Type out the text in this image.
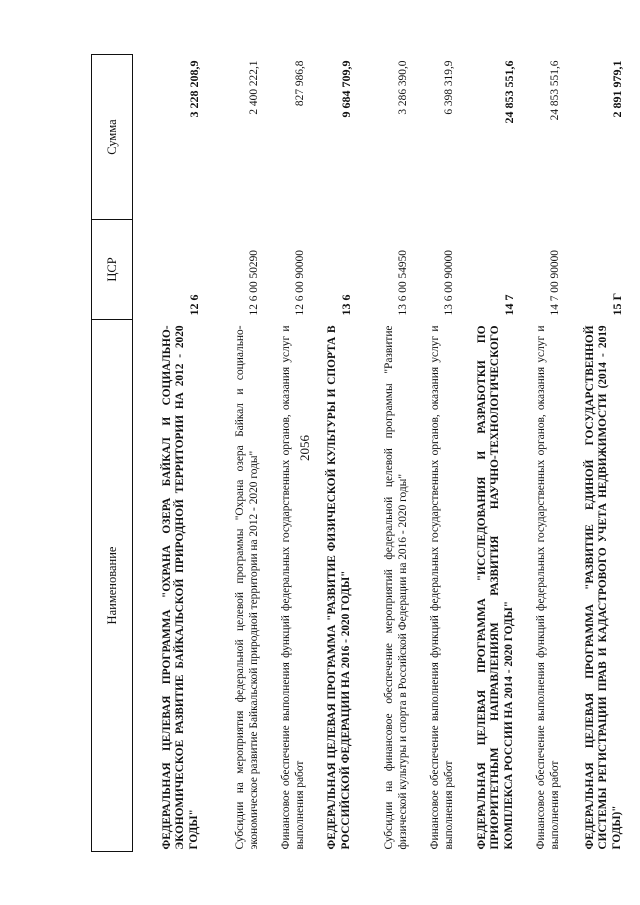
2056
Наименование	ЦСР	Сумма
ФЕДЕРАЛЬНАЯ ЦЕЛЕВАЯ ПРОГРАММА "ОХРАНА ОЗЕРА БАЙКАЛ И СОЦИАЛЬНО-ЭКОНОМИЧЕСКОЕ РАЗВИТИЕ БАЙКАЛЬСКОЙ ПРИРОДНОЙ ТЕРРИТОРИИ НА 2012 - 2020 ГОДЫ"	12 6	3 228 208,9
Субсидии на мероприятия федеральной целевой программы "Охрана озера Байкал и социально-экономическое развитие Байкальской природной территории на 2012 - 2020 годы"	12 6 00 50290	2 400 222,1
Финансовое обеспечение выполнения функций федеральных государственных органов, оказания услуг и выполнения работ	12 6 00 90000	827 986,8
ФЕДЕРАЛЬНАЯ ЦЕЛЕВАЯ ПРОГРАММА "РАЗВИТИЕ ФИЗИЧЕСКОЙ КУЛЬТУРЫ И СПОРТА В РОССИЙСКОЙ ФЕДЕРАЦИИ НА 2016 - 2020 ГОДЫ"	13 6	9 684 709,9
Субсидии на финансовое обеспечение мероприятий федеральной целевой программы "Развитие физической культуры и спорта в Российской Федерации на 2016 - 2020 годы"	13 6 00 54950	3 286 390,0
Финансовое обеспечение выполнения функций федеральных государственных органов, оказания услуг и выполнения работ	13 6 00 90000	6 398 319,9
ФЕДЕРАЛЬНАЯ ЦЕЛЕВАЯ ПРОГРАММА "ИССЛЕДОВАНИЯ И РАЗРАБОТКИ ПО ПРИОРИТЕТНЫМ НАПРАВЛЕНИЯМ РАЗВИТИЯ НАУЧНО-ТЕХНОЛОГИЧЕСКОГО КОМПЛЕКСА РОССИИ НА 2014 - 2020 ГОДЫ"	14 7	24 853 551,6
Финансовое обеспечение выполнения функций федеральных государственных органов, оказания услуг и выполнения работ	14 7 00 90000	24 853 551,6
ФЕДЕРАЛЬНАЯ ЦЕЛЕВАЯ ПРОГРАММА "РАЗВИТИЕ ЕДИНОЙ ГОСУДАРСТВЕННОЙ СИСТЕМЫ РЕГИСТРАЦИИ ПРАВ И КАДАСТРОВОГО УЧЕТА НЕДВИЖИМОСТИ (2014 - 2019 ГОДЫ)"	15 Г	2 891 979,1
